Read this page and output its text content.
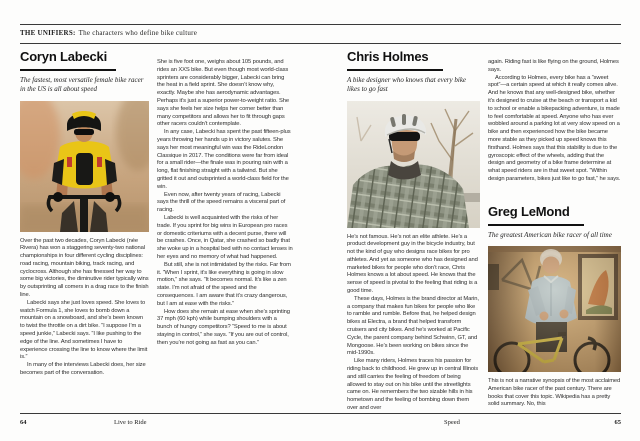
THE UNIFIERS: The characters who define bike culture
Coryn Labecki

The fastest, most versatile female bike racer in the US is all about speed

Over the past two decades, Coryn Labecki (née Rivera) has won a staggering seventy-two national championships in four different cycling disciplines: road racing, mountain biking, track racing, and cyclocross. Although she has finessed her way to some big victories, the diminutive rider typically wins by outsprinting all comers in a drag race to the finish line.

Labecki says she just loves speed. She loves to watch Formula 1, she loves to bomb down a mountain on a snowboard, and she’s been known to twist the throttle on a dirt bike. “I suppose I’m a speed junkie,” Labecki says. “I like pushing to the edge of the line. And sometimes I have to experience crossing the line to know where the limit is.”

In many of the interviews Labecki does, her size becomes part of the conversation.

She is five foot one, weighs about 105 pounds, and rides an XXS bike. But even though most world-class sprinters are considerably bigger, Labecki can bring the heat in a field sprint. She doesn’t know why, exactly. Maybe she has aerodynamic advantages. Perhaps it’s just a superior power-to-weight ratio. She says she feels her size helps her corner better than many competitors and allows her to fit through gaps other racers couldn’t contemplate.

In any case, Labecki has spent the past fifteen-plus years throwing her hands up in victory salutes. She says her most meaningful win was the RideLondon Classique in 2017. The conditions were far from ideal for a small rider—the finale was in pouring rain with a long, flat finishing straight with a tailwind. But she gritted it out and outsprinted a world-class field for the win.

Even now, after twenty years of racing, Labecki says the thrill of the speed remains a visceral part of racing.

Labecki is well acquainted with the risks of her trade. If you sprint for big wins in European pro races or domestic criteriums with a decent purse, there will be crashes. Once, in Qatar, she crashed so badly that she woke up in a hospital bed with no contact lenses in her eyes and no memory of what had happened.

But still, she is not intimidated by the risks. Far from it. “When I sprint, it’s like everything is going in slow motion,” she says. “It becomes normal. It’s like a zen state. I’m not afraid of the speed and the consequences. I am aware that it’s crazy dangerous, but I am at ease with the risks.”

How does she remain at ease when she’s sprinting 37 mph (60 kph) while bumping shoulders with a bunch of hungry competitors? “Speed to me is about staying in control,” she says. “If you are out of control, then you’re not going as fast as you can.”

Chris Holmes

A bike designer who knows that every bike likes to go fast

He’s not famous. He’s not an elite athlete. He’s a product development guy in the bicycle industry, but not the kind of guy who designs race bikes for pro athletes. And yet as someone who has designed and marketed bikes for people who don’t race, Chris Holmes knows a lot about speed. He knows that the sense of speed is pivotal to the feeling that riding is a good time.

These days, Holmes is the brand director at Marin, a company that makes fun bikes for people who like to ramble and rumble. Before that, he helped design bikes at Electra, a brand that helped transform cruisers and city bikes. And he’s worked at Pacific Cycle, the parent company behind Schwinn, GT, and Mongoose. He’s been working on bikes since the mid-1990s.

Like many riders, Holmes traces his passion for riding back to childhood. He grew up in central Illinois and still carries the feeling of freedom of being allowed to stay out on his bike until the streetlights came on. He remembers the two sizable hills in his hometown and the feeling of bombing down them over and over

again. Riding fast is like flying on the ground, Holmes says.

According to Holmes, every bike has a “sweet spot”—a certain speed at which it really comes alive. And he knows that any well-designed bike, whether it’s designed to cruise at the beach or transport a kid to school or enable a bikepacking adventure, is made to feel comfortable at speed. Anyone who has ever wobbled around a parking lot at very slow speed on a bike and then experienced how the bike became more stable as they picked up speed knows this firsthand. Holmes says that this stability is due to the gyroscopic effect of the wheels, adding that the design and geometry of a bike frame determine at what speed riders are in that sweet spot. “Within design parameters, bikes just like to go fast,” he says.

Greg LeMond

The greatest American bike racer of all time

This is not a narrative synopsis of the most acclaimed American bike racer of the past century. There are books that cover this topic. Wikipedia has a pretty solid summary. No, this

64	Live to Ride	Speed	65
